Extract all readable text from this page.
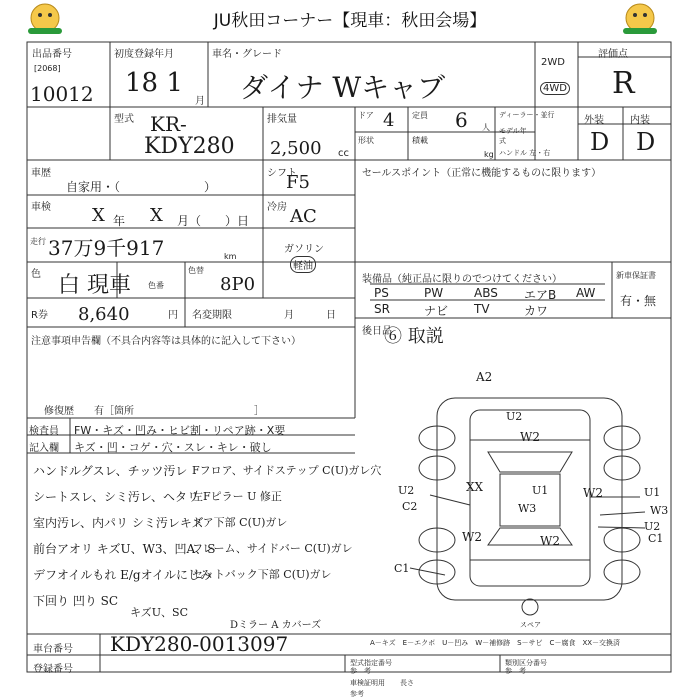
JU秋田コーナー【現車：秋田会場】
出品番号
[2068]
10012
初度登録年月
18 1
月
車名・グレード
ダイナ Wキャブ
2WD
4WD
評価点
R
外装	内装
D D
型式 KR-
KDY280
排気量
2,500 cc
ドア 4
形状
定員 6 人
積載
kg
ディーラー・並行
モデル年式
ハンドル 左・右
車歴
自家用・（　　　　　　　）
シフト
F5
車検 X 年 X 月（　　）日
冷房 AC
走行 37万9千917	km
ガソリン
軽油
色 白 現車 色番
色替
8P0
R券 8,640	円 名変期限	月	日
セールスポイント（正常に機能するものに限ります）
装備品（純正品に限りのでつけてください）
PS	PW	ABS エアB AW
SR	ナビ TV	カワ
新車保証書
有・無
後日品
⑥ 取説
注意事項申告欄（不具合内容等は具体的に記入して下さい）
修復歴　　有［箇所　　　　　　　　　　　　］
検査員
記入欄
FW・キズ・凹み・ヒビ割・リペア跡・X要
キズ・凹・コゲ・穴・スレ・キレ・破し
ハンドルグスレ、チッツ汚レ
シートスレ、シミ汚レ、ヘタリ
室内汚レ、内パリ シミ汚レキズ
前台アオリ キズU、W3、凹A、S
デフオイルもれ E/gオイルにじみ
下回り 凹り SC
Fフロア、サイドステップ C(U)ガレ穴
左Fピラー U 修正
ドア下部 C(U)ガレ
フレーム、サイドバー C(U)ガレ
セットバック下部 C(U)ガレ
キズU、SC
Dミラー A カバーズ
A2
U2
W2
XX	U1
W3
W2
U2
C2
W2	W2
U1
W3
U2
C1
C1
スペア
A－キズ　E－エクボ　U－凹み　W－補修跡　S－サビ　C－腐食　XX－交換済
車台番号 KDY280-0013097
登録番号
型式指定番号
参　考
類別区分番号
参　考
車検証明用 長さ
参考
